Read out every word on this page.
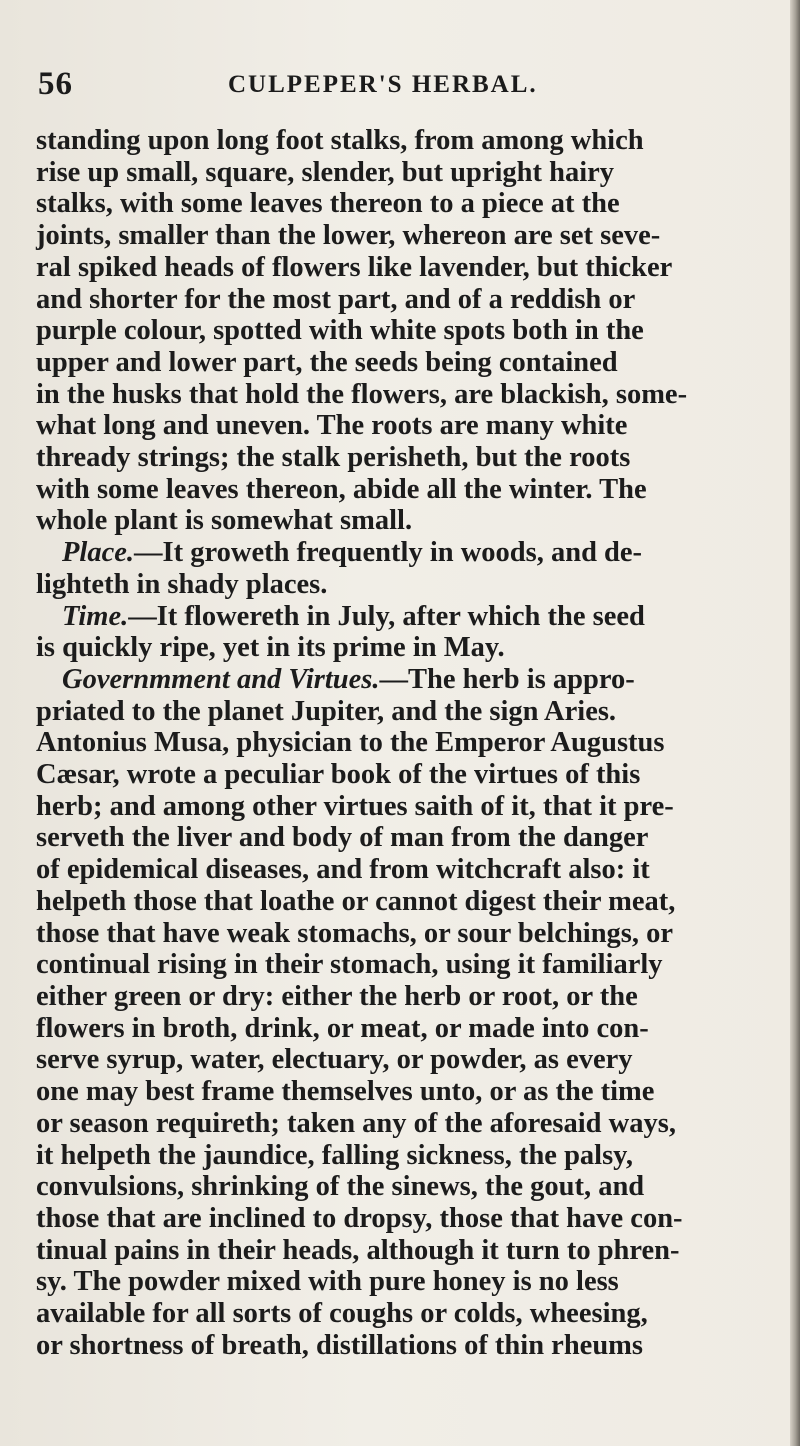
56	CULPEPER'S HERBAL.
standing upon long foot stalks, from among which
rise up small, square, slender, but upright hairy
stalks, with some leaves thereon to a piece at the
joints, smaller than the lower, whereon are set seve-
ral spiked heads of flowers like lavender, but thicker
and shorter for the most part, and of a reddish or
purple colour, spotted with white spots both in the
upper and lower part, the seeds being contained
in the husks that hold the flowers, are blackish, some-
what long and uneven. The roots are many white
thready strings; the stalk perisheth, but the roots
with some leaves thereon, abide all the winter. The
whole plant is somewhat small.
Place.—It groweth frequently in woods, and de-
lighteth in shady places.
Time.—It flowereth in July, after which the seed
is quickly ripe, yet in its prime in May.
Governmment and Virtues.—The herb is appro-
priated to the planet Jupiter, and the sign Aries.
Antonius Musa, physician to the Emperor Augustus
Cæsar, wrote a peculiar book of the virtues of this
herb; and among other virtues saith of it, that it pre-
serveth the liver and body of man from the danger
of epidemical diseases, and from witchcraft also: it
helpeth those that loathe or cannot digest their meat,
those that have weak stomachs, or sour belchings, or
continual rising in their stomach, using it familiarly
either green or dry: either the herb or root, or the
flowers in broth, drink, or meat, or made into con-
serve syrup, water, electuary, or powder, as every
one may best frame themselves unto, or as the time
or season requireth; taken any of the aforesaid ways,
it helpeth the jaundice, falling sickness, the palsy,
convulsions, shrinking of the sinews, the gout, and
those that are inclined to dropsy, those that have con-
tinual pains in their heads, although it turn to phren-
sy. The powder mixed with pure honey is no less
available for all sorts of coughs or colds, wheesing,
or shortness of breath, distillations of thin rheums
